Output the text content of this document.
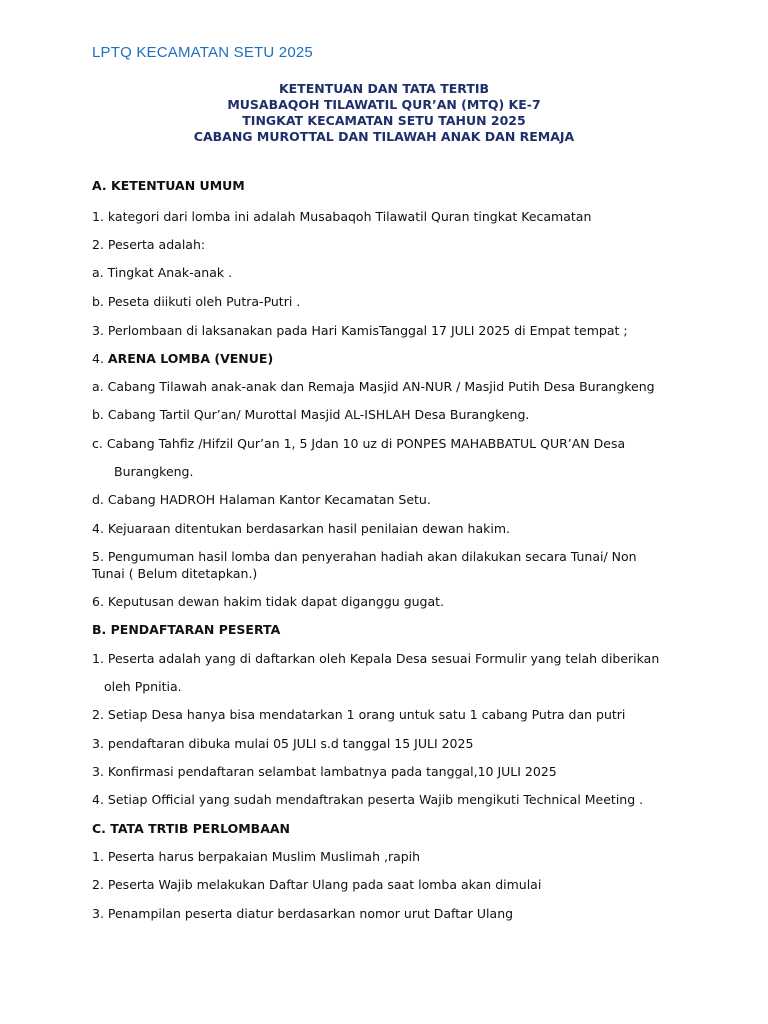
LPTQ KECAMATAN SETU 2025
KETENTUAN DAN TATA TERTIB
MUSABAQOH TILAWATIL QUR’AN (MTQ) KE-7
TINGKAT KECAMATAN SETU TAHUN 2025
CABANG MUROTTAL DAN TILAWAH ANAK DAN REMAJA
A. KETENTUAN UMUM
1. kategori dari lomba ini adalah Musabaqoh Tilawatil Quran tingkat Kecamatan
2. Peserta adalah:
a. Tingkat Anak-anak .
b. Peseta diikuti oleh Putra-Putri .
3. Perlombaan di laksanakan pada Hari KamisTanggal 17 JULI 2025 di Empat tempat ;
4. ARENA LOMBA (VENUE)
a. Cabang Tilawah anak-anak dan Remaja Masjid AN-NUR / Masjid Putih Desa Burangkeng
b. Cabang Tartil Qur’an/ Murottal Masjid AL-ISHLAH Desa Burangkeng.
c. Cabang Tahfiz /Hifzil Qur’an 1, 5 Jdan 10 uz di PONPES MAHABBATUL QUR’AN Desa
Burangkeng.
d. Cabang HADROH Halaman Kantor Kecamatan Setu.
4. Kejuaraan ditentukan berdasarkan hasil penilaian dewan hakim.
5. Pengumuman hasil lomba dan penyerahan hadiah akan dilakukan secara Tunai/ Non
Tunai ( Belum ditetapkan.)
6. Keputusan dewan hakim tidak dapat diganggu gugat.
B. PENDAFTARAN PESERTA
1. Peserta adalah yang di daftarkan oleh Kepala Desa sesuai Formulir yang telah diberikan
oleh Ppnitia.
2. Setiap Desa hanya bisa mendatarkan 1 orang untuk satu 1 cabang Putra dan putri
3. pendaftaran dibuka mulai 05 JULI s.d tanggal 15 JULI 2025
3. Konfirmasi pendaftaran selambat lambatnya pada tanggal,10 JULI 2025
4. Setiap Official yang sudah mendaftrakan peserta Wajib mengikuti Technical Meeting .
C. TATA TRTIB PERLOMBAAN
1. Peserta harus berpakaian Muslim Muslimah ,rapih
2. Peserta Wajib melakukan Daftar Ulang pada saat lomba akan dimulai
3. Penampilan peserta diatur berdasarkan nomor urut Daftar Ulang
